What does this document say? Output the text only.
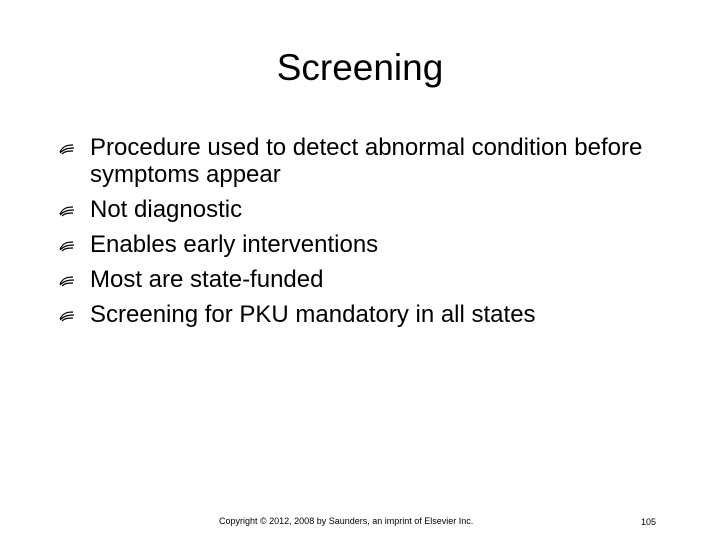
Screening
Procedure used to detect abnormal condition before symptoms appear
Not diagnostic
Enables early interventions
Most are state-funded
Screening for PKU mandatory in all states
Copyright © 2012, 2008 by Saunders, an imprint of Elsevier Inc.	105
